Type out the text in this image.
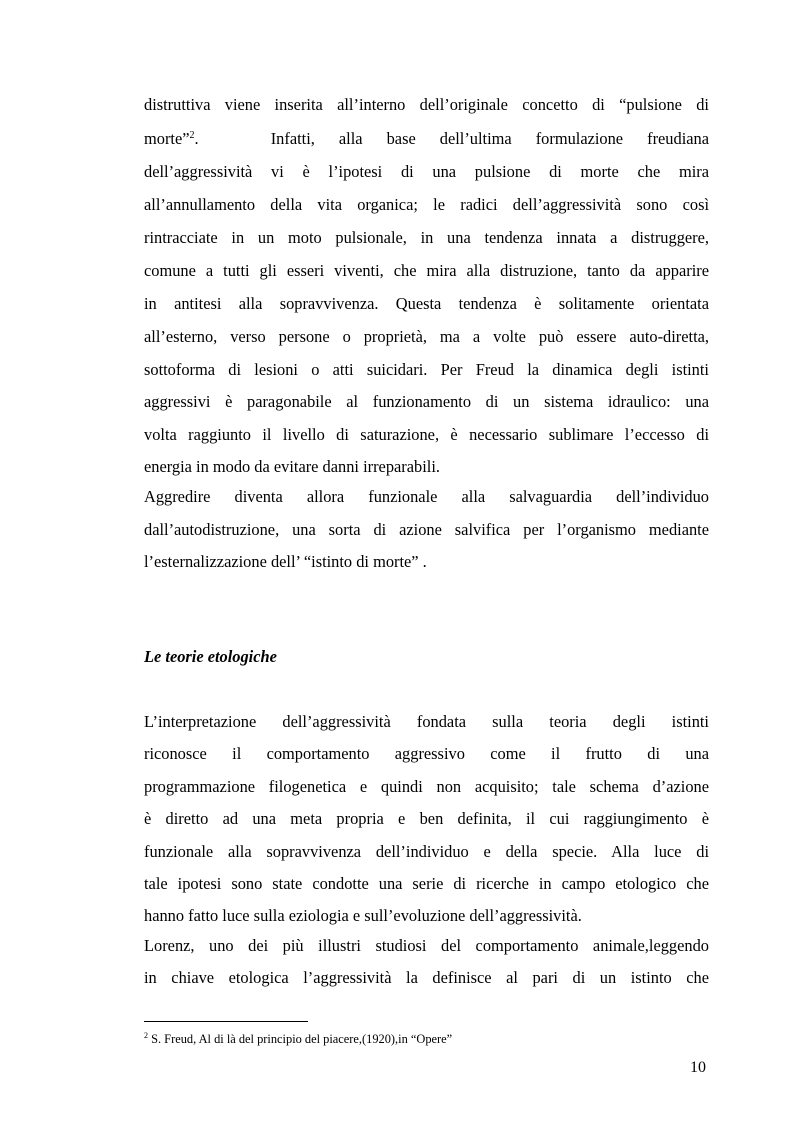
distruttiva viene inserita all’interno dell’originale concetto di “pulsione di
morte”$^2$.   Infatti, alla base dell’ultima formulazione freudiana
dell’aggressività vi è l’ipotesi di una pulsione di morte che mira
all’annullamento della vita organica; le radici dell’aggressività sono così
rintracciate in un moto pulsionale, in una tendenza innata a distruggere,
comune a tutti gli esseri viventi, che mira alla distruzione, tanto da apparire
in antitesi alla sopravvivenza. Questa tendenza è solitamente orientata
all’esterno, verso persone o proprietà, ma a volte può essere auto-diretta,
sottoforma di lesioni o atti suicidari. Per Freud la dinamica degli istinti
aggressivi è paragonabile al funzionamento di un sistema idraulico: una
volta raggiunto il livello di saturazione, è necessario sublimare l’eccesso di
energia in modo da evitare danni irreparabili.
Aggredire diventa allora funzionale alla salvaguardia dell’individuo
dall’autodistruzione, una sorta di azione salvifica per l’organismo mediante
l’esternalizzazione dell’ “istinto di morte” .
Le teorie etologiche
L’interpretazione dell’aggressività fondata sulla teoria degli istinti
riconosce il comportamento aggressivo come il frutto di una
programmazione filogenetica e quindi non acquisito; tale schema d’azione
è diretto ad una meta propria e ben definita, il cui raggiungimento è
funzionale alla sopravvivenza dell’individuo e della specie. Alla luce di
tale ipotesi sono state condotte una serie di ricerche in campo etologico che
hanno fatto luce sulla eziologia e sull’evoluzione dell’aggressività.
Lorenz, uno dei più illustri studiosi del comportamento animale,leggendo
in chiave etologica l’aggressività la definisce al pari di un istinto che
$^2$ S. Freud, Al di là del principio del piacere,(1920),in “Opere”
10
